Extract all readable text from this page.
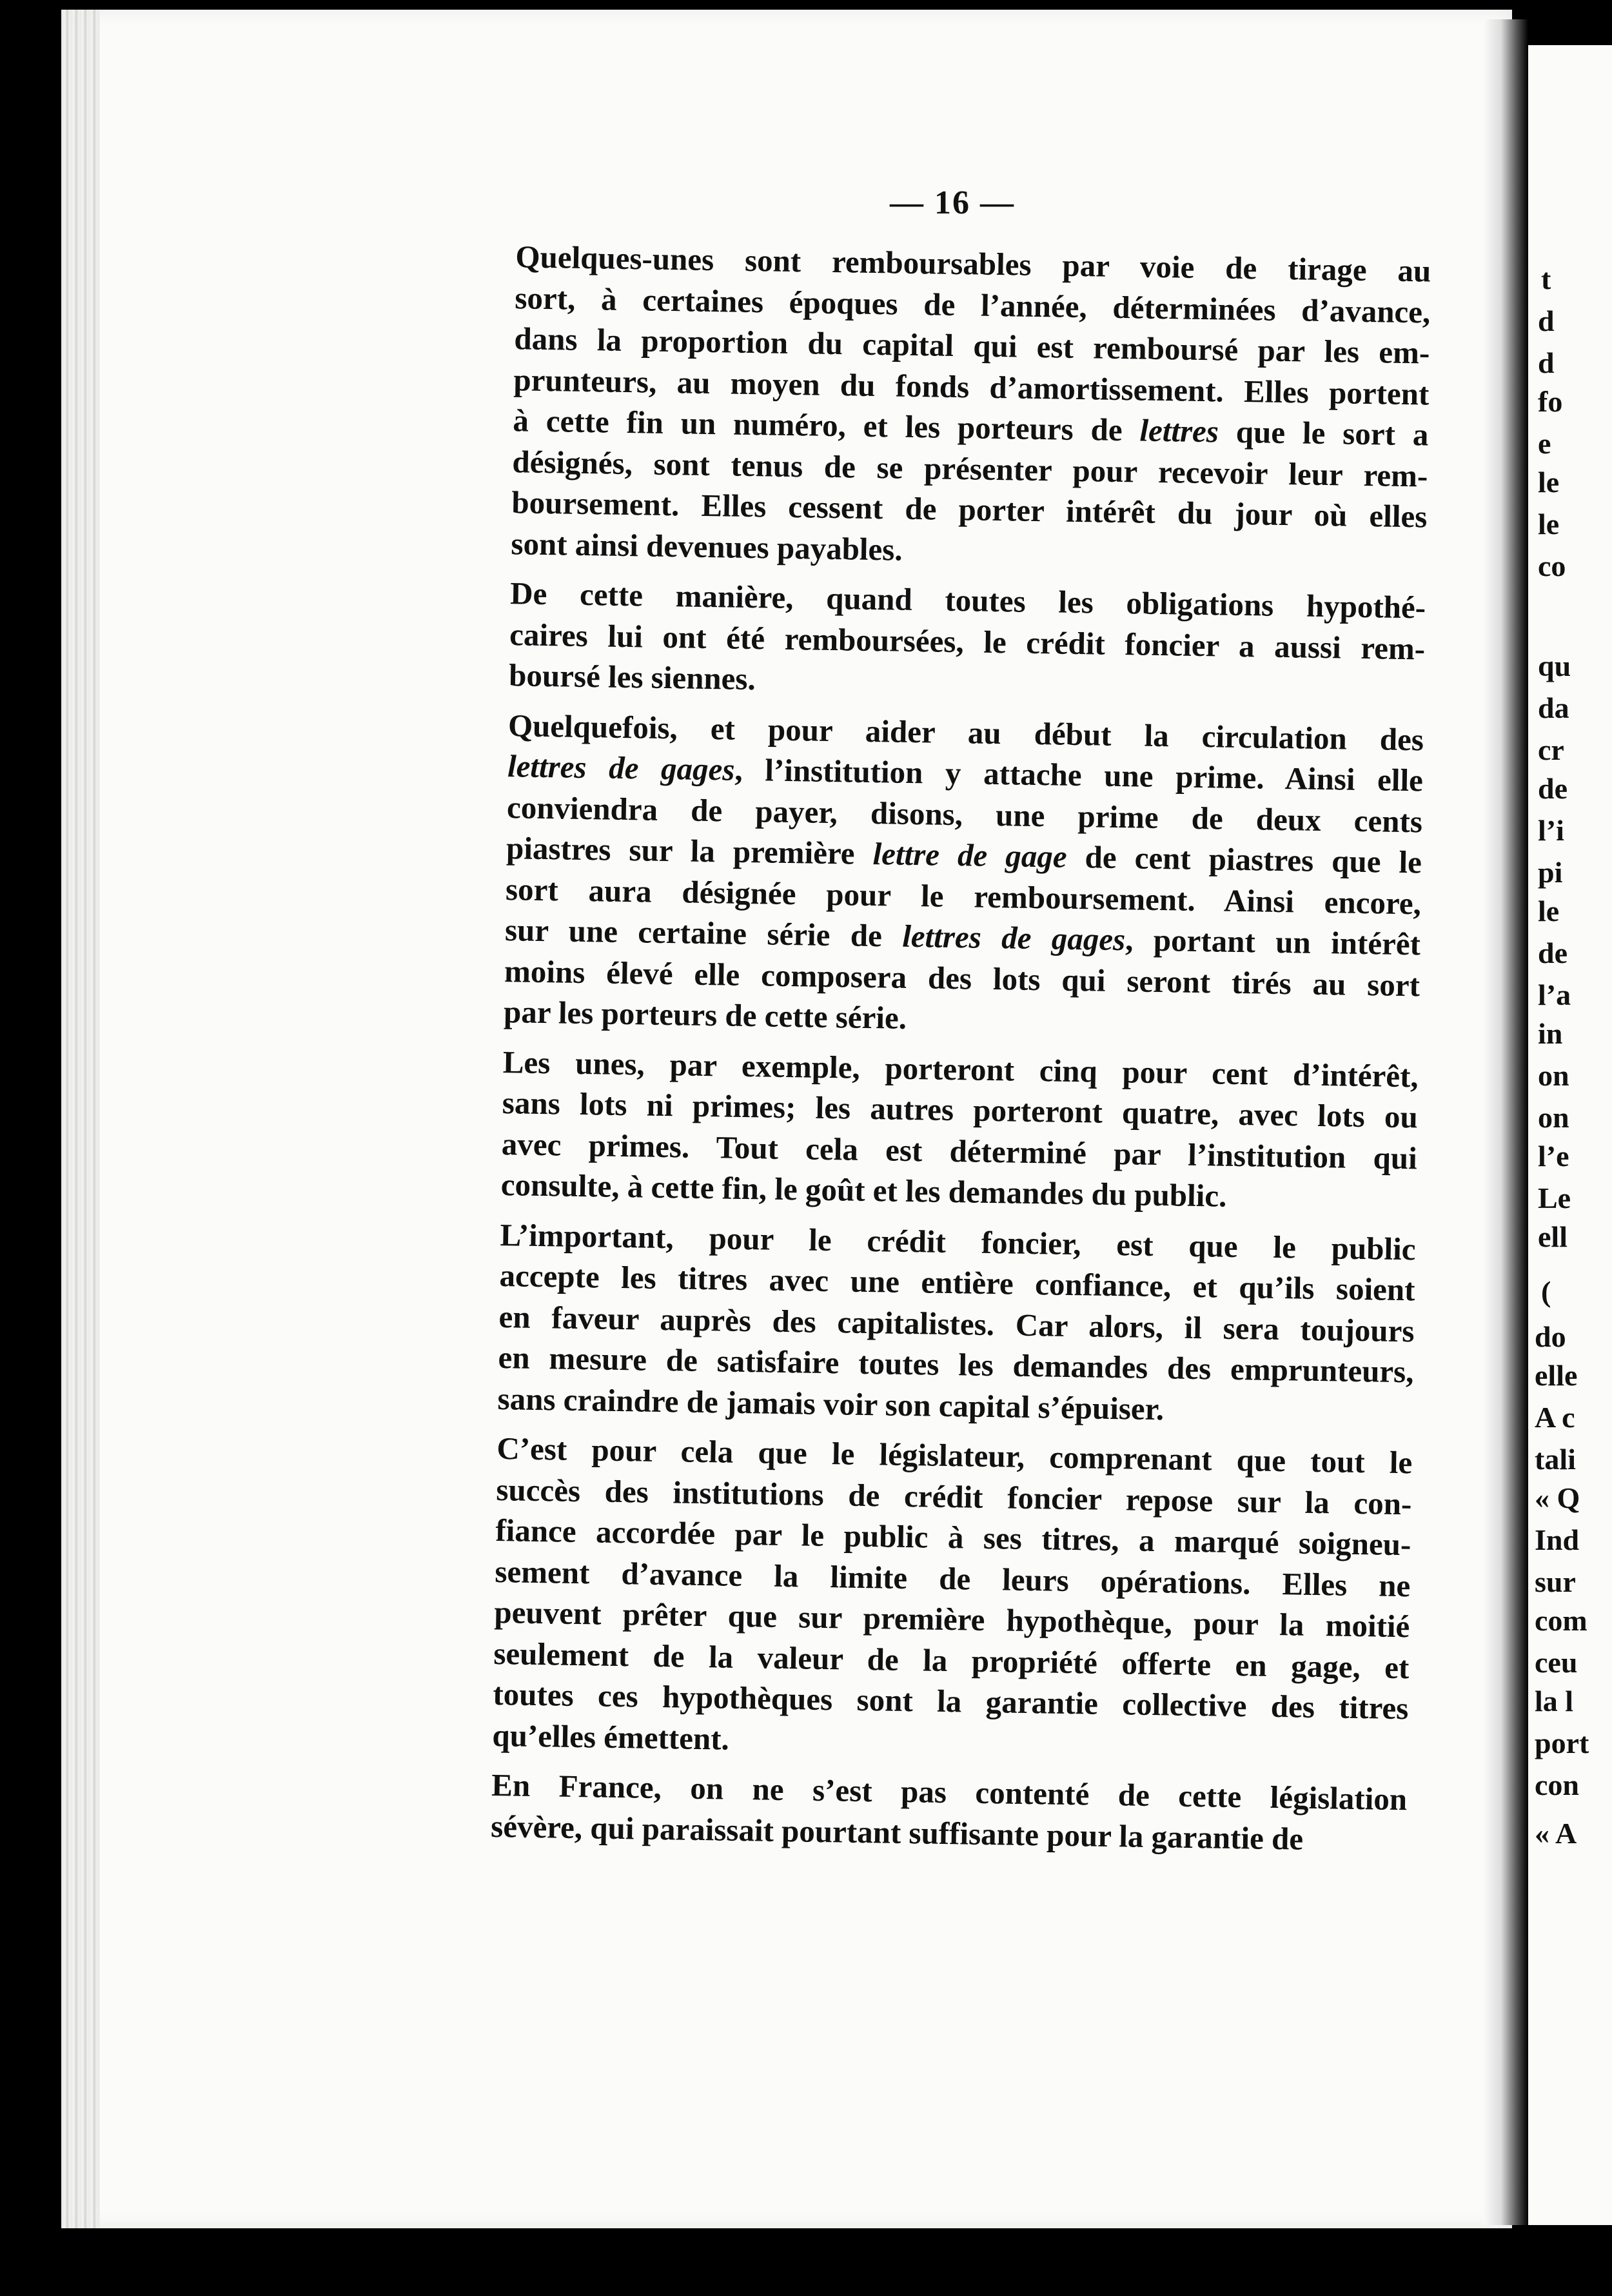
t
d
d
fo
e
le
le
co
qu
da
cr
de
l’i
pi
le
de
l’a
in
on
on
l’e
Le
ell
(
do
elle
A c
tali
« Q
Ind
sur
com
ceu
la l
port
con
« A
— 16 —
Quelques-unes sont remboursables par voie de tirage au
sort, à certaines époques de l’année, déterminées d’avance,
dans la proportion du capital qui est remboursé par les em-
prunteurs, au moyen du fonds d’amortissement. Elles portent
à cette fin un numéro, et les porteurs de lettres que le sort a
désignés, sont tenus de se présenter pour recevoir leur rem-
boursement. Elles cessent de porter intérêt du jour où elles
sont ainsi devenues payables.
De cette manière, quand toutes les obligations hypothé-
caires lui ont été remboursées, le crédit foncier a aussi rem-
boursé les siennes.
Quelquefois, et pour aider au début la circulation des
lettres de gages, l’institution y attache une prime. Ainsi elle
conviendra de payer, disons, une prime de deux cents
piastres sur la première lettre de gage de cent piastres que le
sort aura désignée pour le remboursement. Ainsi encore,
sur une certaine série de lettres de gages, portant un intérêt
moins élevé elle composera des lots qui seront tirés au sort
par les porteurs de cette série.
Les unes, par exemple, porteront cinq pour cent d’intérêt,
sans lots ni primes; les autres porteront quatre, avec lots ou
avec primes. Tout cela est déterminé par l’institution qui
consulte, à cette fin, le goût et les demandes du public.
L’important, pour le crédit foncier, est que le public
accepte les titres avec une entière confiance, et qu’ils soient
en faveur auprès des capitalistes. Car alors, il sera toujours
en mesure de satisfaire toutes les demandes des emprunteurs,
sans craindre de jamais voir son capital s’épuiser.
C’est pour cela que le législateur, comprenant que tout le
succès des institutions de crédit foncier repose sur la con-
fiance accordée par le public à ses titres, a marqué soigneu-
sement d’avance la limite de leurs opérations. Elles ne
peuvent prêter que sur première hypothèque, pour la moitié
seulement de la valeur de la propriété offerte en gage, et
toutes ces hypothèques sont la garantie collective des titres
qu’elles émettent.
En France, on ne s’est pas contenté de cette législation
sévère, qui paraissait pourtant suffisante pour la garantie de
